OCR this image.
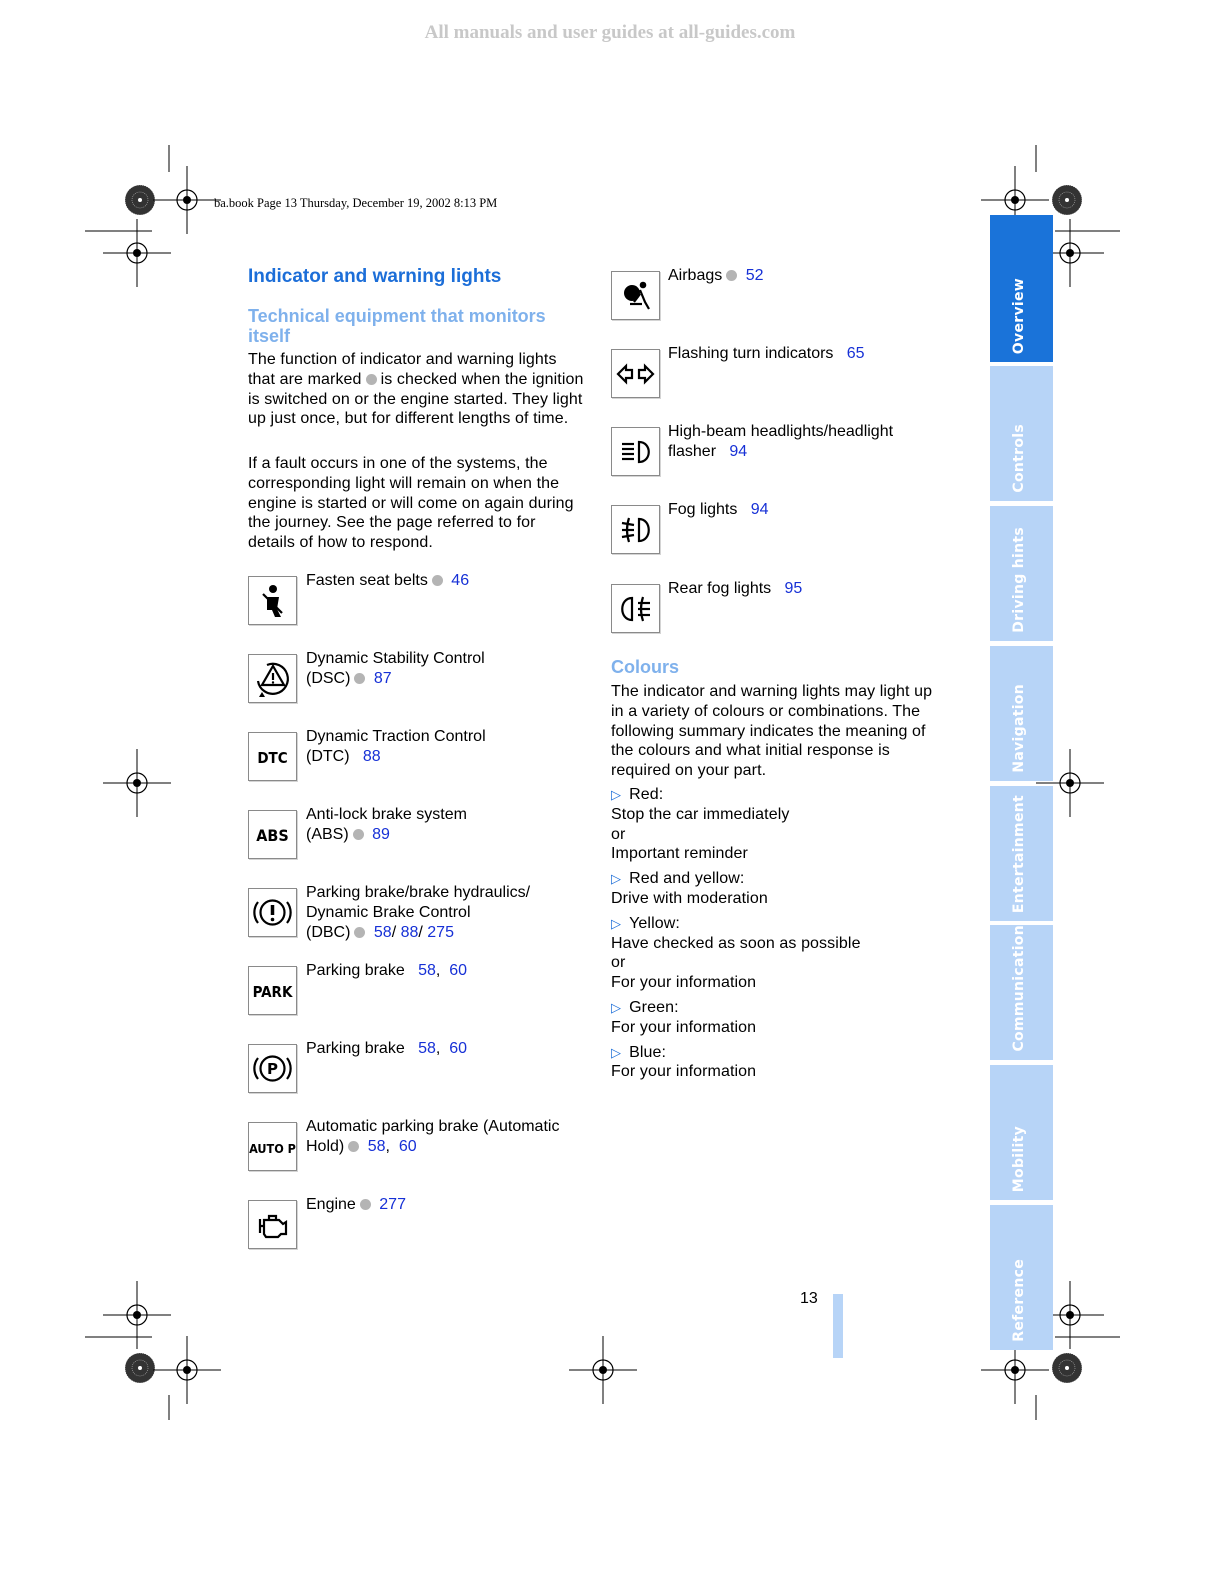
All manuals and user guides at all-guides.com
ba.book Page 13 Thursday, December 19, 2002 8:13 PM
Indicator and warning lights
Technical equipment that monitors itself
The function of indicator and warning lights that are marked is checked when the ignition is switched on or the engine started. They light up just once, but for different lengths of time.
If a fault occurs in one of the systems, the corresponding light will remain on when the engine is started or will come on again during the journey. See the page referred to for details of how to respond.
Fasten seat belts 46
Dynamic Stability Control
(DSC) 87
DTC
Dynamic Traction Control
(DTC) 88
ABS
Anti-lock brake system
(ABS) 89
Parking brake/brake hydraulics/
Dynamic Brake Control
(DBC) 58/ 88/ 275
PARK
Parking brake 58,  60
P
Parking brake 58,  60
AUTO P
Automatic parking brake (Automatic
Hold) 58,  60
Engine 277
Airbags 52
Flashing turn indicators 65
High-beam headlights/headlight
flasher 94
Fog lights 94
Rear fog lights 95
Colours
The indicator and warning lights may light up in a variety of colours or combinations. The following summary indicates the meaning of the colours and what initial response is required on your part.
▷ Red:
Stop the car immediately
or
Important reminder
▷ Red and yellow:
Drive with moderation
▷ Yellow:
Have checked as soon as possible
or
For your information
▷ Green:
For your information
▷ Blue:
For your information
Overview
Controls
Driving hints
Navigation
Entertainment
Communication
Mobility
Reference
13
